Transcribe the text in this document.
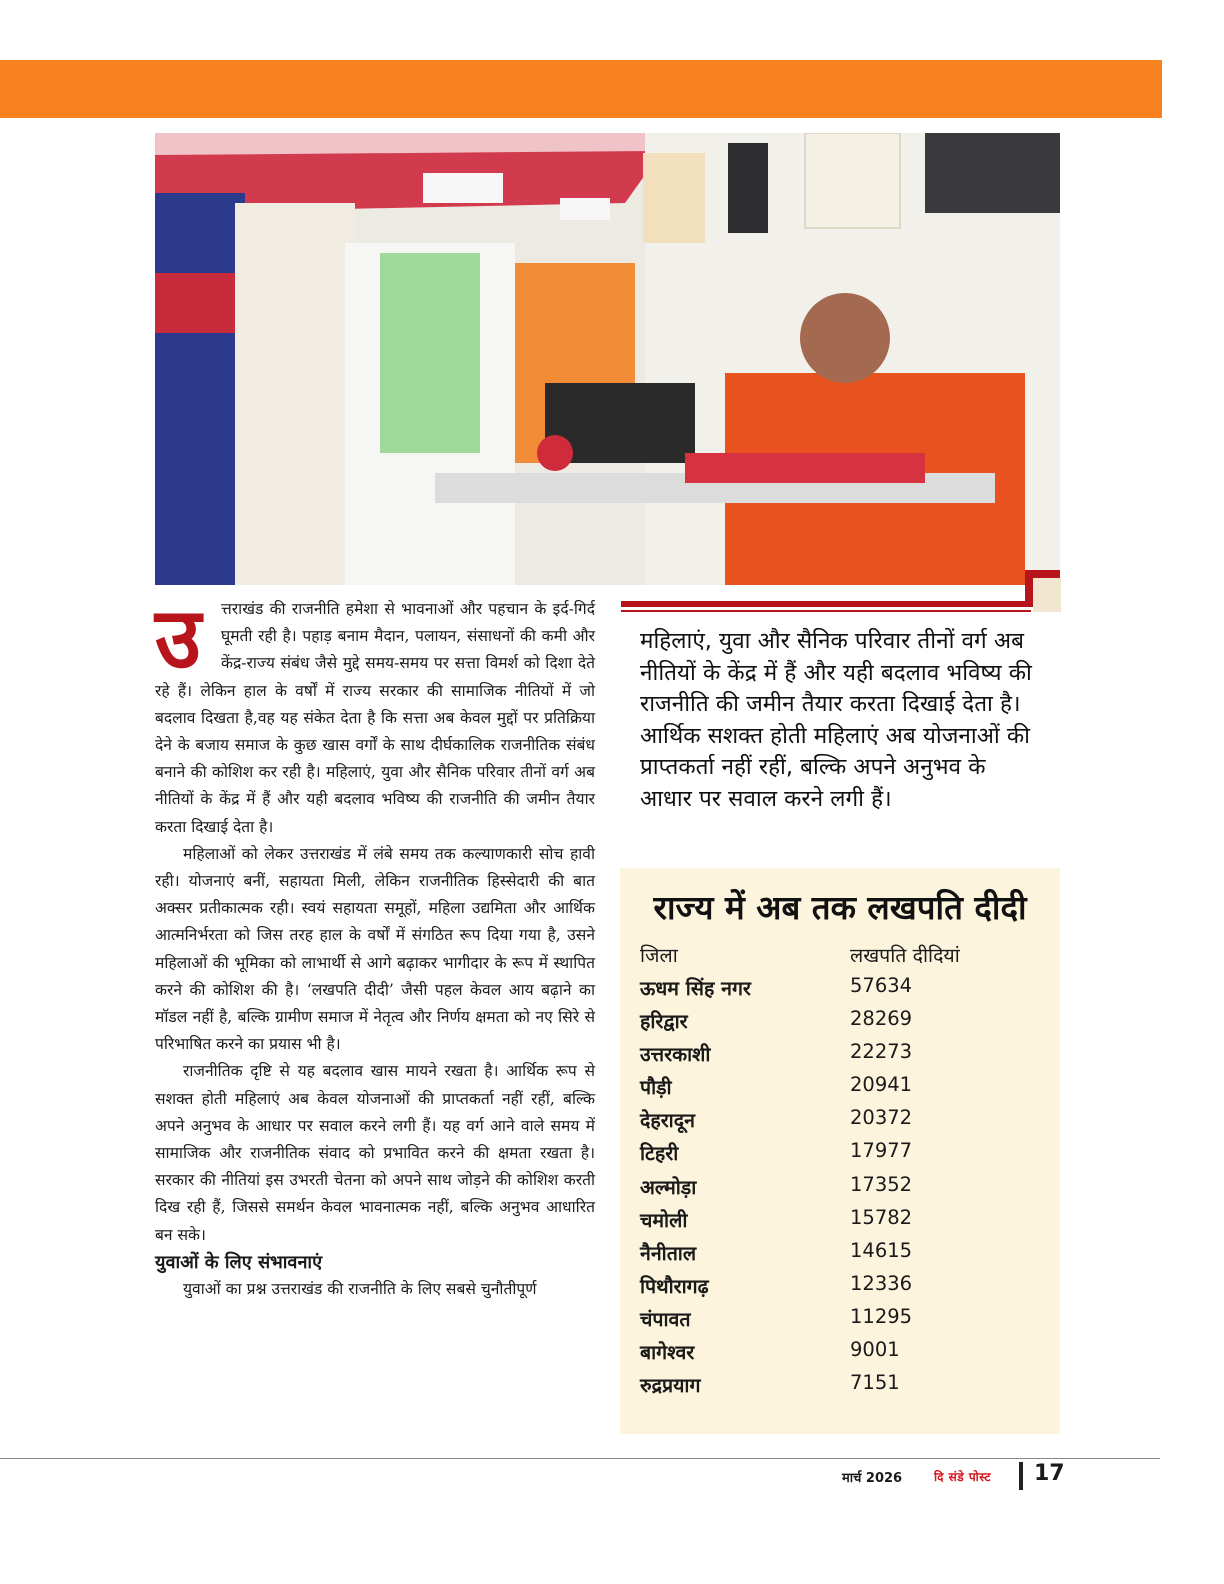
उ	त्तराखंड की राजनीति हमेशा से भावनाओं और पहचान के इर्द-गिर्द घूमती रही है। पहाड़ बनाम मैदान, पलायन, संसाधनों की कमी और केंद्र-राज्य संबंध जैसे मुद्दे समय-समय पर सत्ता विमर्श को दिशा देते रहे हैं। लेकिन हाल के वर्षों में राज्य सरकार की सामाजिक नीतियों में जो बदलाव दिखता है,वह यह संकेत देता है कि सत्ता अब केवल मुद्दों पर प्रतिक्रिया देने के बजाय समाज के कुछ खास वर्गों के साथ दीर्घकालिक राजनीतिक संबंध बनाने की कोशिश कर रही है। महिलाएं, युवा और सैनिक परिवार तीनों वर्ग अब नीतियों के केंद्र में हैं और यही बदलाव भविष्य की राजनीति की जमीन तैयार करता दिखाई देता है।

महिलाओं को लेकर उत्तराखंड में लंबे समय तक कल्याणकारी सोच हावी रही। योजनाएं बनीं, सहायता मिली, लेकिन राजनीतिक हिस्सेदारी की बात अक्सर प्रतीकात्मक रही। स्वयं सहायता समूहों, महिला उद्यमिता और आर्थिक आत्मनिर्भरता को जिस तरह हाल के वर्षों में संगठित रूप दिया गया है, उसने महिलाओं की भूमिका को लाभार्थी से आगे बढ़ाकर भागीदार के रूप में स्थापित करने की कोशिश की है। ‘लखपति दीदी’ जैसी पहल केवल आय बढ़ाने का मॉडल नहीं है, बल्कि ग्रामीण समाज में नेतृत्व और निर्णय क्षमता को नए सिरे से परिभाषित करने का प्रयास भी है।

राजनीतिक दृष्टि से यह बदलाव खास मायने रखता है। आर्थिक रूप से सशक्त होती महिलाएं अब केवल योजनाओं की प्राप्तकर्ता नहीं रहीं, बल्कि अपने अनुभव के आधार पर सवाल करने लगी हैं। यह वर्ग आने वाले समय में सामाजिक और राजनीतिक संवाद को प्रभावित करने की क्षमता रखता है। सरकार की नीतियां इस उभरती चेतना को अपने साथ जोड़ने की कोशिश करती दिख रही हैं, जिससे समर्थन केवल भावनात्मक नहीं, बल्कि अनुभव आधारित बन सके।

युवाओं के लिए संभावनाएं

युवाओं का प्रश्न उत्तराखंड की राजनीति के लिए सबसे चुनौतीपूर्ण

महिलाएं, युवा और सैनिक परिवार तीनों वर्ग अब नीतियों के केंद्र में हैं और यही बदलाव भविष्य की राजनीति की जमीन तैयार करता दिखाई देता है। आर्थिक सशक्त होती महिलाएं अब योजनाओं की प्राप्तकर्ता नहीं रहीं, बल्कि अपने अनुभव के आधार पर सवाल करने लगी हैं।
राज्य में अब तक लखपति दीदी
जिला	लखपति दीदियां
ऊधम सिंह नगर	57634
हरिद्वार	28269
उत्तरकाशी	22273
पौड़ी	20941
देहरादून	20372
टिहरी	17977
अल्मोड़ा	17352
चमोली	15782
नैनीताल	14615
पिथौरागढ़	12336
चंपावत	11295
बागेश्वर	9001
रुद्रप्रयाग	7151
मार्च 2026	दि संडे पोस्ट 17
